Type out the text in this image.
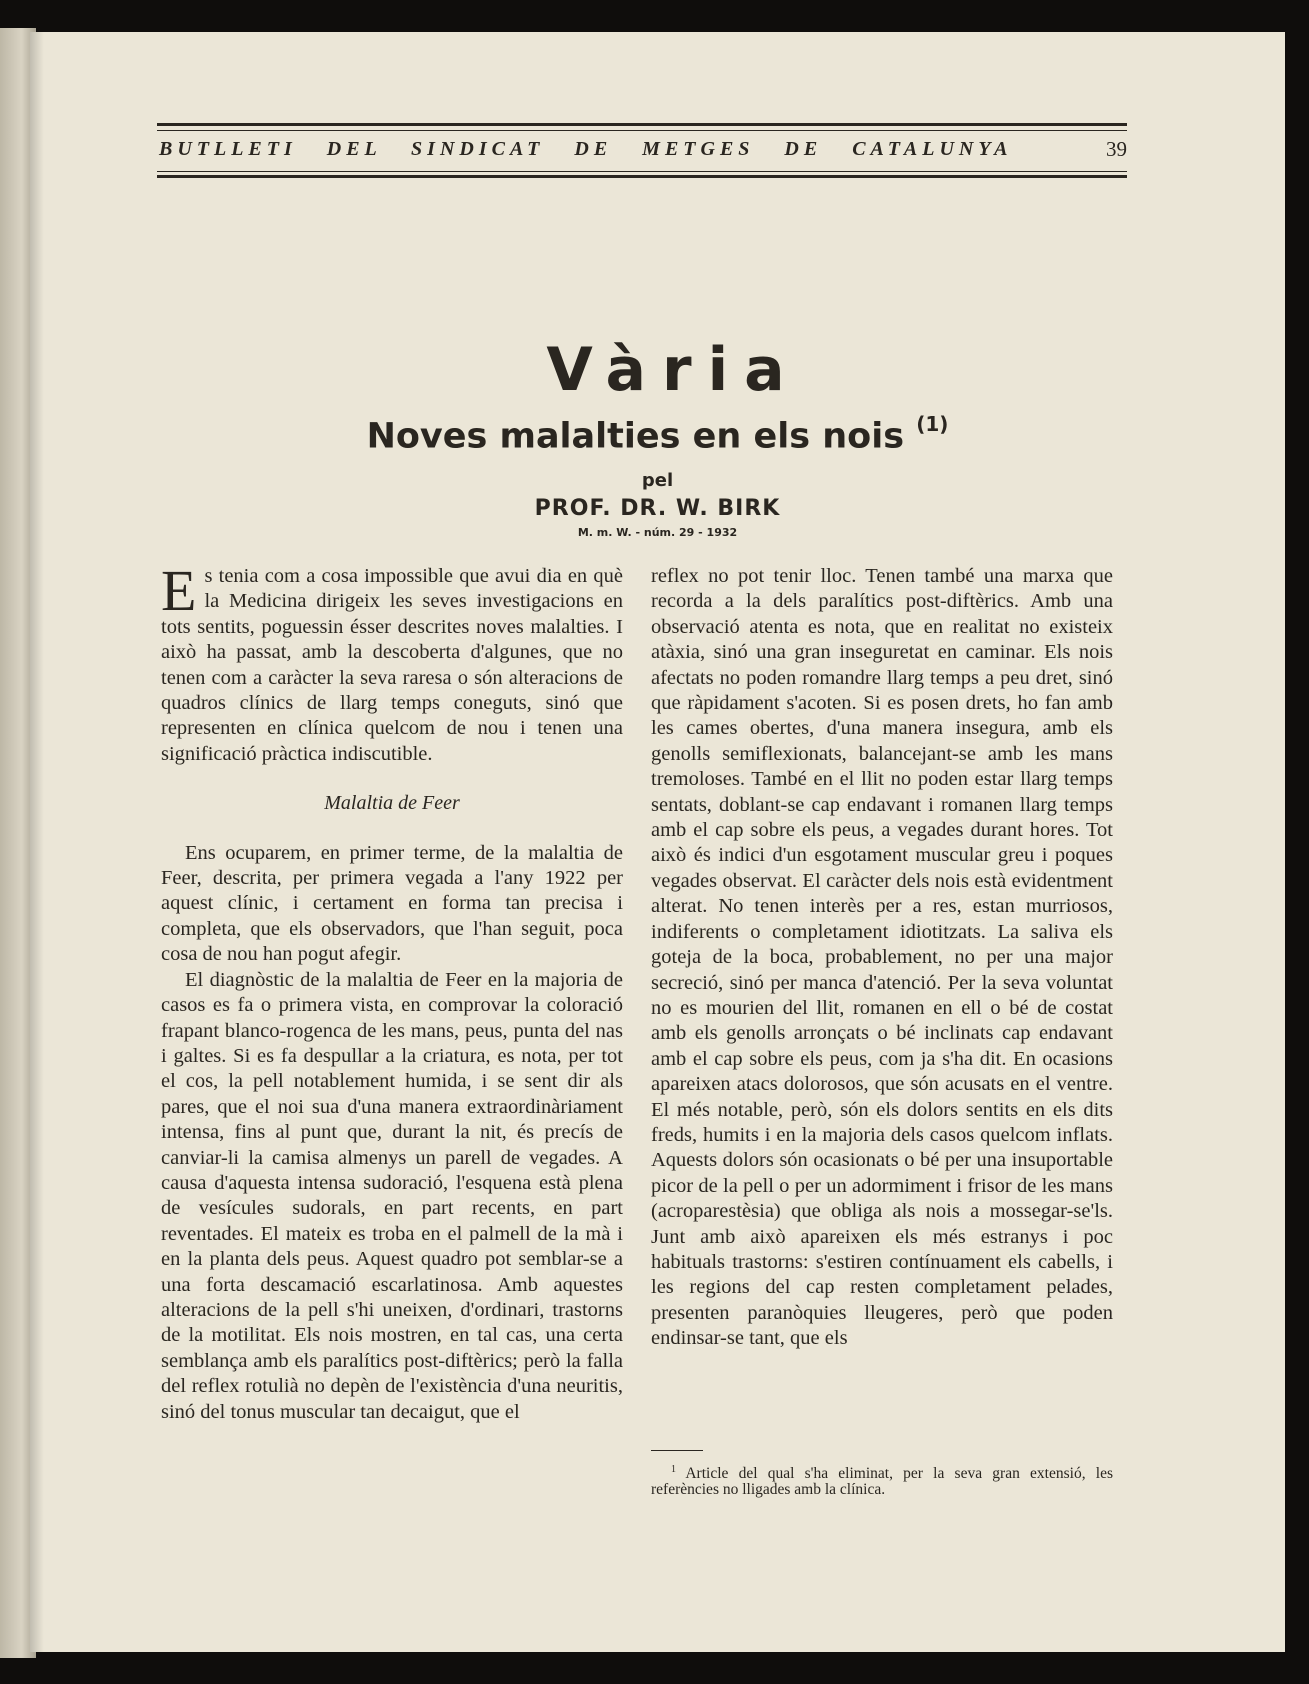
BUTLLETI DEL SINDICAT DE METGES DE CATALUNYA	39
Vària
Noves malalties en els nois $^{(1)}$
pel
PROF. DR. W. BIRK
M. m. W. - núm. 29 - 1932

Es tenia com a cosa impossible que avui dia en què la Medicina dirigeix les seves investigacions en tots sentits, poguessin ésser descrites noves malalties. I això ha passat, amb la descoberta d'algunes, que no tenen com a caràcter la seva raresa o són alteracions de quadros clínics de llarg temps coneguts, sinó que representen en clínica quelcom de nou i tenen una significació pràctica indiscutible.

Malaltia de Feer

Ens ocuparem, en primer terme, de la malaltia de Feer, descrita, per primera vegada a l'any 1922 per aquest clínic, i certament en forma tan precisa i completa, que els observadors, que l'han seguit, poca cosa de nou han pogut afegir.

El diagnòstic de la malaltia de Feer en la majoria de casos es fa o primera vista, en comprovar la coloració frapant blanco-rogenca de les mans, peus, punta del nas i galtes. Si es fa despullar a la criatura, es nota, per tot el cos, la pell notablement humida, i se sent dir als pares, que el noi sua d'una manera extraordinàriament intensa, fins al punt que, durant la nit, és precís de canviar-li la camisa almenys un parell de vegades. A causa d'aquesta intensa sudoració, l'esquena està plena de vesícules sudorals, en part recents, en part reventades. El mateix es troba en el palmell de la mà i en la planta dels peus. Aquest quadro pot semblar-se a una forta descamació escarlatinosa. Amb aquestes alteracions de la pell s'hi uneixen, d'ordinari, trastorns de la motilitat. Els nois mostren, en tal cas, una certa semblança amb els paralítics post-diftèrics; però la falla del reflex rotulià no depèn de l'existència d'una neuritis, sinó del tonus muscular tan decaigut, que el

reflex no pot tenir lloc. Tenen també una marxa que recorda a la dels paralítics post-diftèrics. Amb una observació atenta es nota, que en realitat no existeix atàxia, sinó una gran inseguretat en caminar. Els nois afectats no poden romandre llarg temps a peu dret, sinó que ràpidament s'acoten. Si es posen drets, ho fan amb les cames obertes, d'una manera insegura, amb els genolls semiflexionats, balancejant-se amb les mans tremoloses. També en el llit no poden estar llarg temps sentats, doblant-se cap endavant i romanen llarg temps amb el cap sobre els peus, a vegades durant hores. Tot això és indici d'un esgotament muscular greu i poques vegades observat. El caràcter dels nois està evidentment alterat. No tenen interès per a res, estan murriosos, indiferents o completament idiotitzats. La saliva els goteja de la boca, probablement, no per una major secreció, sinó per manca d'atenció. Per la seva voluntat no es mourien del llit, romanen en ell o bé de costat amb els genolls arronçats o bé inclinats cap endavant amb el cap sobre els peus, com ja s'ha dit. En ocasions apareixen atacs dolorosos, que són acusats en el ventre. El més notable, però, són els dolors sentits en els dits freds, humits i en la majoria dels casos quelcom inflats. Aquests dolors són ocasionats o bé per una insuportable picor de la pell o per un adormiment i frisor de les mans (acroparestèsia) que obliga als nois a mossegar-se'ls. Junt amb això apareixen els més estranys i poc habituals trastorns: s'estiren contínuament els cabells, i les regions del cap resten completament pelades, presenten paranòquies lleugeres, però que poden endinsar-se tant, que els

$^1$ Article del qual s'ha eliminat, per la seva gran extensió, les referències no lligades amb la clínica.
